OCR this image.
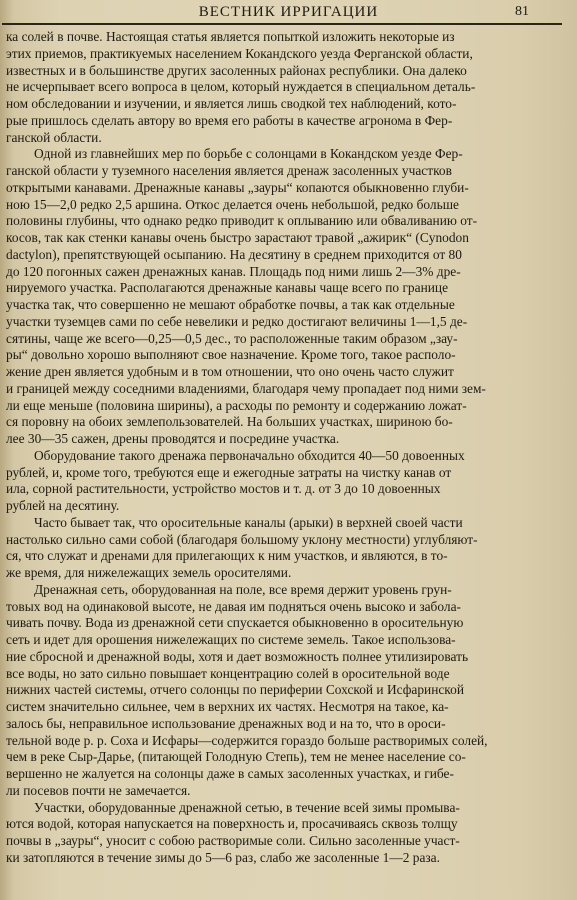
ВЕСТНИК ИРРИГАЦИИ	81
ка солей в почве. Настоящая статья является попыткой изложить некоторые из
этих приемов, практикуемых населением Кокандского уезда Ферганской области,
известных и в большинстве других засоленных районах республики. Она далеко
не исчерпывает всего вопроса в целом, который нуждается в специальном деталь-
ном обследовании и изучении, и является лишь сводкой тех наблюдений, кото-
рые пришлось сделать автору во время его работы в качестве агронома в Фер-
ганской области.
Одной из главнейших мер по борьбе с солонцами в Кокандском уезде Фер-
ганской области у туземного населения является дренаж засоленных участков
открытыми канавами. Дренажные канавы „зауры“ копаются обыкновенно глуби-
ною 15—2,0 редко 2,5 аршина. Откос делается очень небольшой, редко больше
половины глубины, что однако редко приводит к оплыванию или обваливанию от-
косов, так как стенки канавы очень быстро зарастают травой „ажирик“ (Cynodon
dactylon), препятствующей осыпанию. На десятину в среднем приходится от 80
до 120 погонных сажен дренажных канав. Площадь под ними лишь 2—3% дре-
нируемого участка. Располагаются дренажные канавы чаще всего по границе
участка так, что совершенно не мешают обработке почвы, а так как отдельные
участки туземцев сами по себе невелики и редко достигают величины 1—1,5 де-
сятины, чаще же всего—0,25—0,5 дес., то расположенные таким образом „зау-
ры“ довольно хорошо выполняют свое назначение. Кроме того, такое располо-
жение дрен является удобным и в том отношении, что оно очень часто служит
и границей между соседними владениями, благодаря чему пропадает под ними зем-
ли еще меньше (половина ширины), а расходы по ремонту и содержанию ложат-
ся поровну на обоих землепользователей. На больших участках, шириною бо-
лее 30—35 сажен, дрены проводятся и посредине участка.
Оборудование такого дренажа первоначально обходится 40—50 довоенных
рублей, и, кроме того, требуются еще и ежегодные затраты на чистку канав от
ила, сорной растительности, устройство мостов и т. д. от 3 до 10 довоенных
рублей на десятину.
Часто бывает так, что оросительные каналы (арыки) в верхней своей части
настолько сильно сами собой (благодаря большому уклону местности) углубляют-
ся, что служат и дренами для прилегающих к ним участков, и являются, в то-
же время, для нижележащих земель оросителями.
Дренажная сеть, оборудованная на поле, все время держит уровень грун-
товых вод на одинаковой высоте, не давая им подняться очень высоко и забола-
чивать почву. Вода из дренажной сети спускается обыкновенно в оросительную
сеть и идет для орошения нижележащих по системе земель. Такое использова-
ние сбросной и дренажной воды, хотя и дает возможность полнее утилизировать
все воды, но зато сильно повышает концентрацию солей в оросительной воде
нижних частей системы, отчего солонцы по периферии Сохской и Исфаринской
систем значительно сильнее, чем в верхних их частях. Несмотря на такое, ка-
залось бы, неправильное использование дренажных вод и на то, что в ороси-
тельной воде р. р. Соха и Исфары—содержится гораздо больше растворимых солей,
чем в реке Сыр-Дарье, (питающей Голодную Степь), тем не менее население со-
вершенно не жалуется на солонцы даже в самых засоленных участках, и гибе-
ли посевов почти не замечается.
Участки, оборудованные дренажной сетью, в течение всей зимы промыва-
ются водой, которая напускается на поверхность и, просачиваясь сквозь толщу
почвы в „зауры“, уносит с собою растворимые соли. Сильно засоленные участ-
ки затопляются в течение зимы до 5—6 раз, слабо же засоленные 1—2 раза.
